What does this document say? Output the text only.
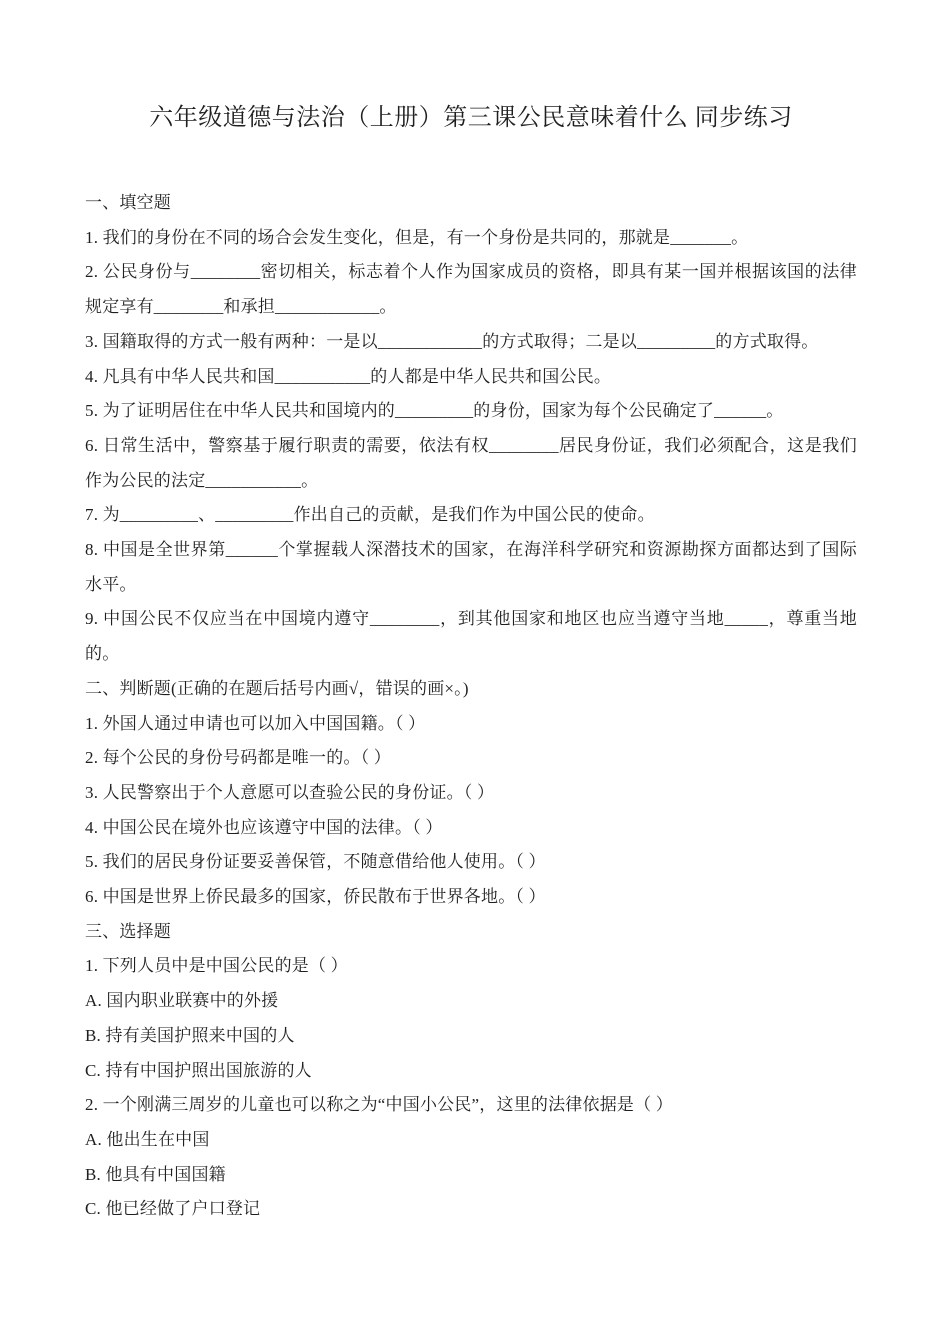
六年级道德与法治（上册）第三课公民意味着什么 同步练习

一、填空题

1. 我们的身份在不同的场合会发生变化，但是，有一个身份是共同的，那就是_______。

2. 公民身份与________密切相关，标志着个人作为国家成员的资格，即具有某一国并根据该国的法律规定享有________和承担____________。

3. 国籍取得的方式一般有两种：一是以____________的方式取得；二是以_________的方式取得。

4. 凡具有中华人民共和国___________的人都是中华人民共和国公民。

5. 为了证明居住在中华人民共和国境内的_________的身份，国家为每个公民确定了______。

6. 日常生活中，警察基于履行职责的需要，依法有权________居民身份证，我们必须配合，这是我们作为公民的法定___________。

7. 为_________、_________作出自己的贡献，是我们作为中国公民的使命。

8. 中国是全世界第______个掌握载人深潜技术的国家，在海洋科学研究和资源勘探方面都达到了国际水平。

9. 中国公民不仅应当在中国境内遵守________，到其他国家和地区也应当遵守当地_____，尊重当地的。

二、判断题(正确的在题后括号内画√，错误的画×。)

1. 外国人通过申请也可以加入中国国籍。（ ）

2. 每个公民的身份号码都是唯一的。（ ）

3. 人民警察出于个人意愿可以查验公民的身份证。（ ）

4. 中国公民在境外也应该遵守中国的法律。（ ）

5. 我们的居民身份证要妥善保管，不随意借给他人使用。（ ）

6. 中国是世界上侨民最多的国家，侨民散布于世界各地。（ ）

三、选择题

1. 下列人员中是中国公民的是（ ）

A. 国内职业联赛中的外援

B. 持有美国护照来中国的人

C. 持有中国护照出国旅游的人

2. 一个刚满三周岁的儿童也可以称之为“中国小公民”，这里的法律依据是（ ）

A. 他出生在中国

B. 他具有中国国籍

C. 他已经做了户口登记
